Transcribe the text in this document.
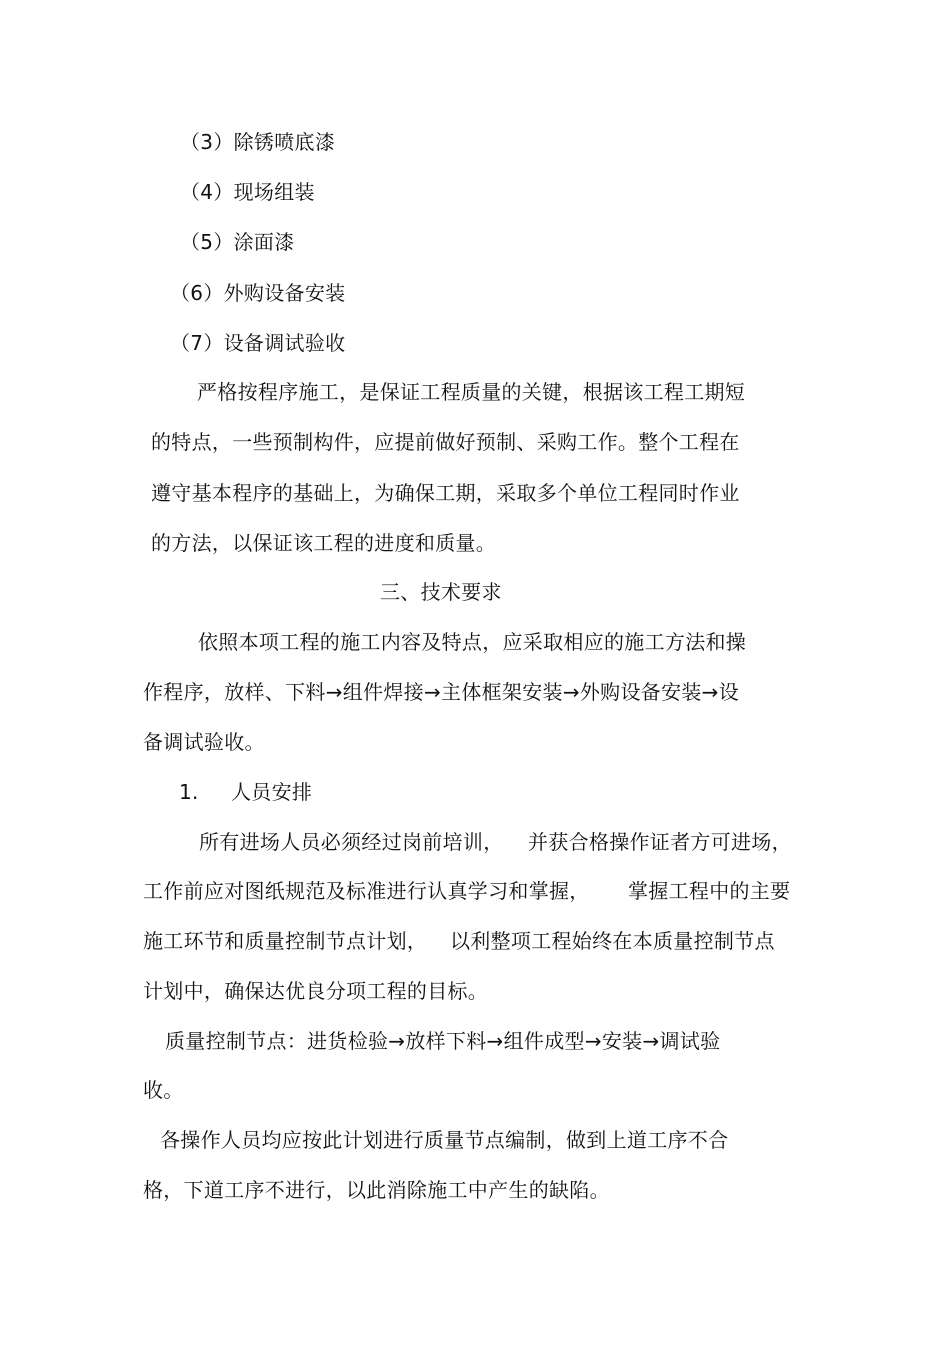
（3）除锈喷底漆
（4）现场组装
（5）涂面漆
（6）外购设备安装
（7）设备调试验收
严格按程序施工，是保证工程质量的关键，根据该工程工期短
的特点，一些预制构件，应提前做好预制、采购工作。整个工程在
遵守基本程序的基础上，为确保工期，采取多个单位工程同时作业
的方法，以保证该工程的进度和质量。
三、技术要求
依照本项工程的施工内容及特点，应采取相应的施工方法和操
作程序，放样、下料→组件焊接→主体框架安装→外购设备安装→设
备调试验收。
1. 人员安排
所有进场人员必须经过岗前培训， 并获合格操作证者方可进场，
工作前应对图纸规范及标准进行认真学习和掌握， 掌握工程中的主要
施工环节和质量控制节点计划， 以利整项工程始终在本质量控制节点
计划中，确保达优良分项工程的目标。
质量控制节点：进货检验→放样下料→组件成型→安装→调试验
收。
各操作人员均应按此计划进行质量节点编制，做到上道工序不合
格，下道工序不进行，以此消除施工中产生的缺陷。
